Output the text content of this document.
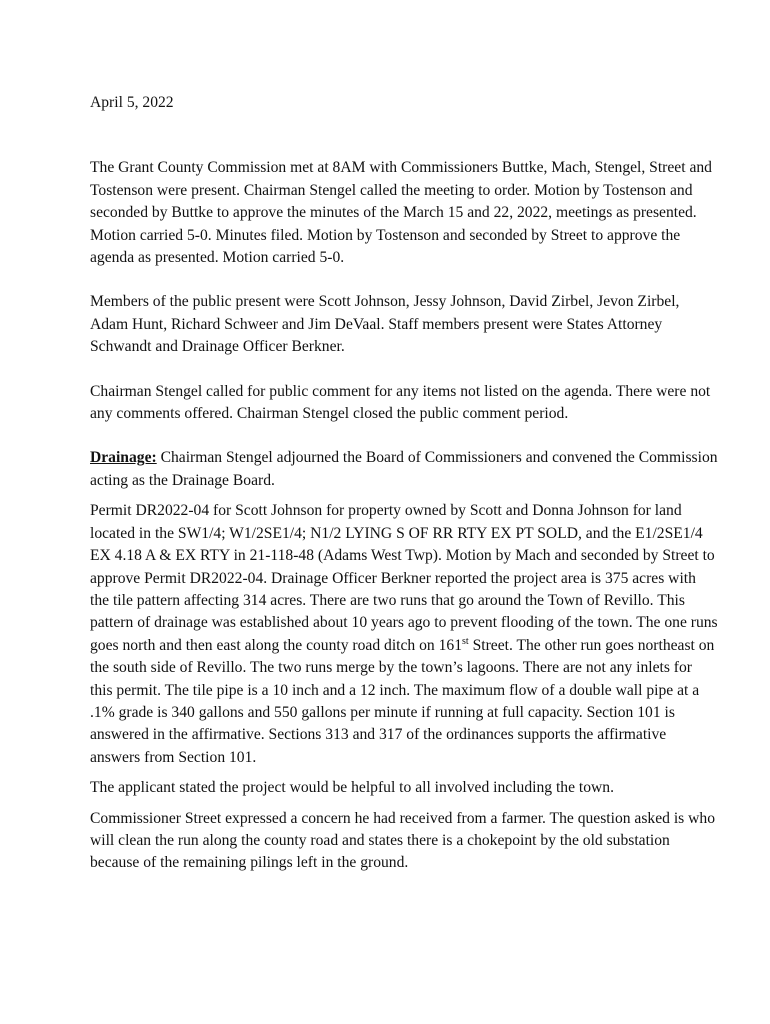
April 5, 2022

The Grant County Commission met at 8AM with Commissioners Buttke, Mach, Stengel, Street and Tostenson were present. Chairman Stengel called the meeting to order. Motion by Tostenson and seconded by Buttke to approve the minutes of the March 15 and 22, 2022, meetings as presented. Motion carried 5-0. Minutes filed. Motion by Tostenson and seconded by Street to approve the agenda as presented. Motion carried 5-0.

Members of the public present were Scott Johnson, Jessy Johnson, David Zirbel, Jevon Zirbel, Adam Hunt, Richard Schweer and Jim DeVaal. Staff members present were States Attorney Schwandt and Drainage Officer Berkner.

Chairman Stengel called for public comment for any items not listed on the agenda. There were not any comments offered. Chairman Stengel closed the public comment period.

Drainage: Chairman Stengel adjourned the Board of Commissioners and convened the Commission acting as the Drainage Board.

Permit DR2022-04 for Scott Johnson for property owned by Scott and Donna Johnson for land located in the SW1/4; W1/2SE1/4; N1/2 LYING S OF RR RTY EX PT SOLD, and the E1/2SE1/4 EX 4.18 A & EX RTY in 21-118-48 (Adams West Twp). Motion by Mach and seconded by Street to approve Permit DR2022-04. Drainage Officer Berkner reported the project area is 375 acres with the tile pattern affecting 314 acres. There are two runs that go around the Town of Revillo. This pattern of drainage was established about 10 years ago to prevent flooding of the town. The one runs goes north and then east along the county road ditch on 161st Street. The other run goes northeast on the south side of Revillo. The two runs merge by the town’s lagoons. There are not any inlets for this permit. The tile pipe is a 10 inch and a 12 inch. The maximum flow of a double wall pipe at a .1% grade is 340 gallons and 550 gallons per minute if running at full capacity. Section 101 is answered in the affirmative. Sections 313 and 317 of the ordinances supports the affirmative answers from Section 101.

The applicant stated the project would be helpful to all involved including the town.

Commissioner Street expressed a concern he had received from a farmer. The question asked is who will clean the run along the county road and states there is a chokepoint by the old substation because of the remaining pilings left in the ground.
